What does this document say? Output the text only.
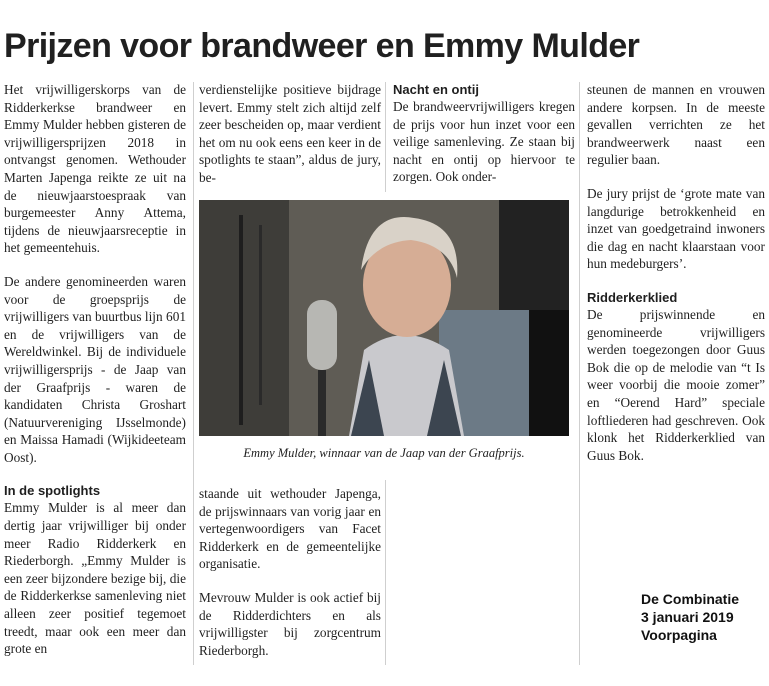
Prijzen voor brandweer en Emmy Mulder

Het vrijwilligerskorps van de Ridderkerkse brandweer en Emmy Mulder hebben gisteren de vrijwilligersprijzen 2018 in ontvangst genomen. Wethouder Marten Japenga reikte ze uit na de nieuwjaarstoespraak van burgemeester Anny Attema, tijdens de nieuwjaarsreceptie in het gemeentehuis.

De andere genomineerden waren voor de groepsprijs de vrijwilligers van buurtbus lijn 601 en de vrijwilligers van de Wereldwinkel. Bij de individuele vrijwilligersprijs - de Jaap van der Graafprijs - waren de kandidaten Christa Groshart (Natuurvereniging IJsselmonde) en Maissa Hamadi (Wijkideeteam Oost).

In de spotlights

Emmy Mulder is al meer dan dertig jaar vrijwilliger bij onder meer Radio Ridderkerk en Riederborgh. „Emmy Mulder is een zeer bijzondere bezige bij, die de Ridderkerkse samenleving niet alleen zeer positief tegemoet treedt, maar ook een meer dan grote en

verdienstelijke positieve bijdrage levert. Emmy stelt zich altijd zelf zeer bescheiden op, maar verdient het om nu ook eens een keer in de spotlights te staan”, aldus de jury, be-

Nacht en ontij

De brandweervrijwilligers kregen de prijs voor hun inzet voor een veilige samenleving. Ze staan bij nacht en ontij op hiervoor te zorgen. Ook onder-

Emmy Mulder, winnaar van de Jaap van der Graafprijs.

staande uit wethouder Japenga, de prijswinnaars van vorig jaar en vertegenwoordigers van Facet Ridderkerk en de gemeentelijke organisatie.

Mevrouw Mulder is ook actief bij de Ridderdichters en als vrijwilligster bij zorgcentrum Riederborgh.

steunen de mannen en vrouwen andere korpsen. In de meeste gevallen verrichten ze het brandweerwerk naast een regulier baan.

De jury prijst de ‘grote mate van langdurige betrokkenheid en inzet van goedgetraind inwoners die dag en nacht klaarstaan voor hun medeburgers’.

Ridderkerklied

De prijswinnende en genomineerde vrijwilligers werden toegezongen door Guus Bok die op de melodie van “t Is weer voorbij die mooie zomer” en “Oerend Hard” speciale loftliederen had geschreven. Ook klonk het Ridderkerklied van Guus Bok.

De Combinatie
3 januari 2019
Voorpagina
